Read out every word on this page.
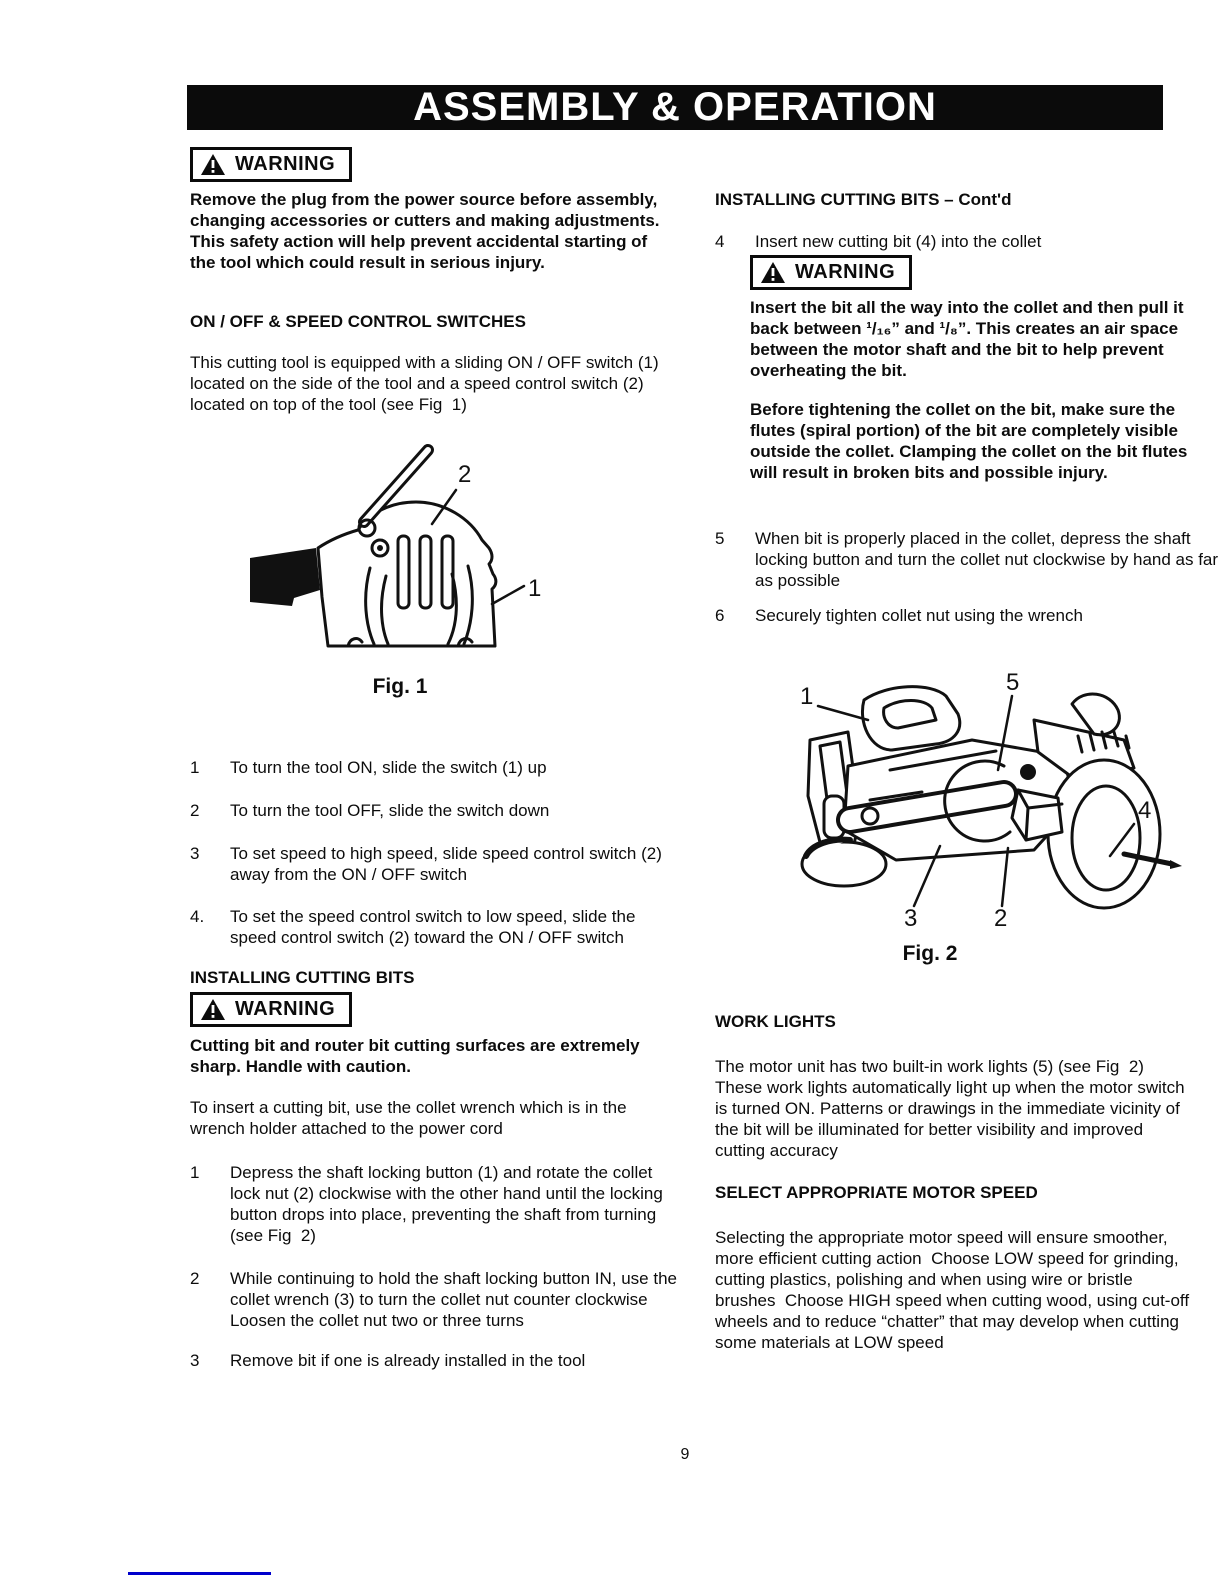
ASSEMBLY & OPERATION
WARNING
Remove the plug from the power source before assembly, changing accessories or cutters and making adjustments. This safety action will help prevent accidental starting of the tool which could result in serious injury.
ON / OFF & SPEED CONTROL SWITCHES
This cutting tool is equipped with a sliding ON / OFF switch (1) located on the side of the tool and a speed control switch (2) located on top of the tool (see Fig  1)
2
1
Fig. 1
1	To turn the tool ON, slide the switch (1) up
2	To turn the tool OFF, slide the switch down
3	To set speed to high speed, slide speed control switch (2) away from the ON / OFF switch
4.	To set the speed control switch to low speed, slide the speed control switch (2) toward the ON / OFF switch
INSTALLING CUTTING BITS
WARNING
Cutting bit and router bit cutting surfaces are extremely sharp. Handle with caution.
To insert a cutting bit, use the collet wrench which is in the wrench holder attached to the power cord
1	Depress the shaft locking button (1) and rotate the collet lock nut (2) clockwise with the other hand until the locking button drops into place, preventing the shaft from turning (see Fig  2)
2	While continuing to hold the shaft locking button IN, use the collet wrench (3) to turn the collet nut counter clockwise  Loosen the collet nut two or three turns
3	Remove bit if one is already installed in the tool
INSTALLING CUTTING BITS – Cont'd
4	Insert new cutting bit (4) into the collet
WARNING
Insert the bit all the way into the collet and then pull it back between ¹/₁₆” and ¹/₈”. This creates an air space between the motor shaft and the bit to help prevent overheating the bit.
Before tightening the collet on the bit, make sure the flutes (spiral portion) of the bit are completely visible outside the collet. Clamping the collet on the bit flutes will result in broken bits and possible injury.
5	When bit is properly placed in the collet, depress the shaft locking button and turn the collet nut clockwise by hand as far as possible
6	Securely tighten collet nut using the wrench
1
5
4
3	2
Fig. 2
WORK LIGHTS
The motor unit has two built-in work lights (5) (see Fig  2) These work lights automatically light up when the motor switch is turned ON. Patterns or drawings in the immediate vicinity of the bit will be illuminated for better visibility and improved cutting accuracy
SELECT APPROPRIATE MOTOR SPEED
Selecting the appropriate motor speed will ensure smoother, more efficient cutting action  Choose LOW speed for grinding, cutting plastics, polishing and when using wire or bristle brushes  Choose HIGH speed when cutting wood, using cut-off wheels and to reduce “chatter” that may develop when cutting some materials at LOW speed
9
